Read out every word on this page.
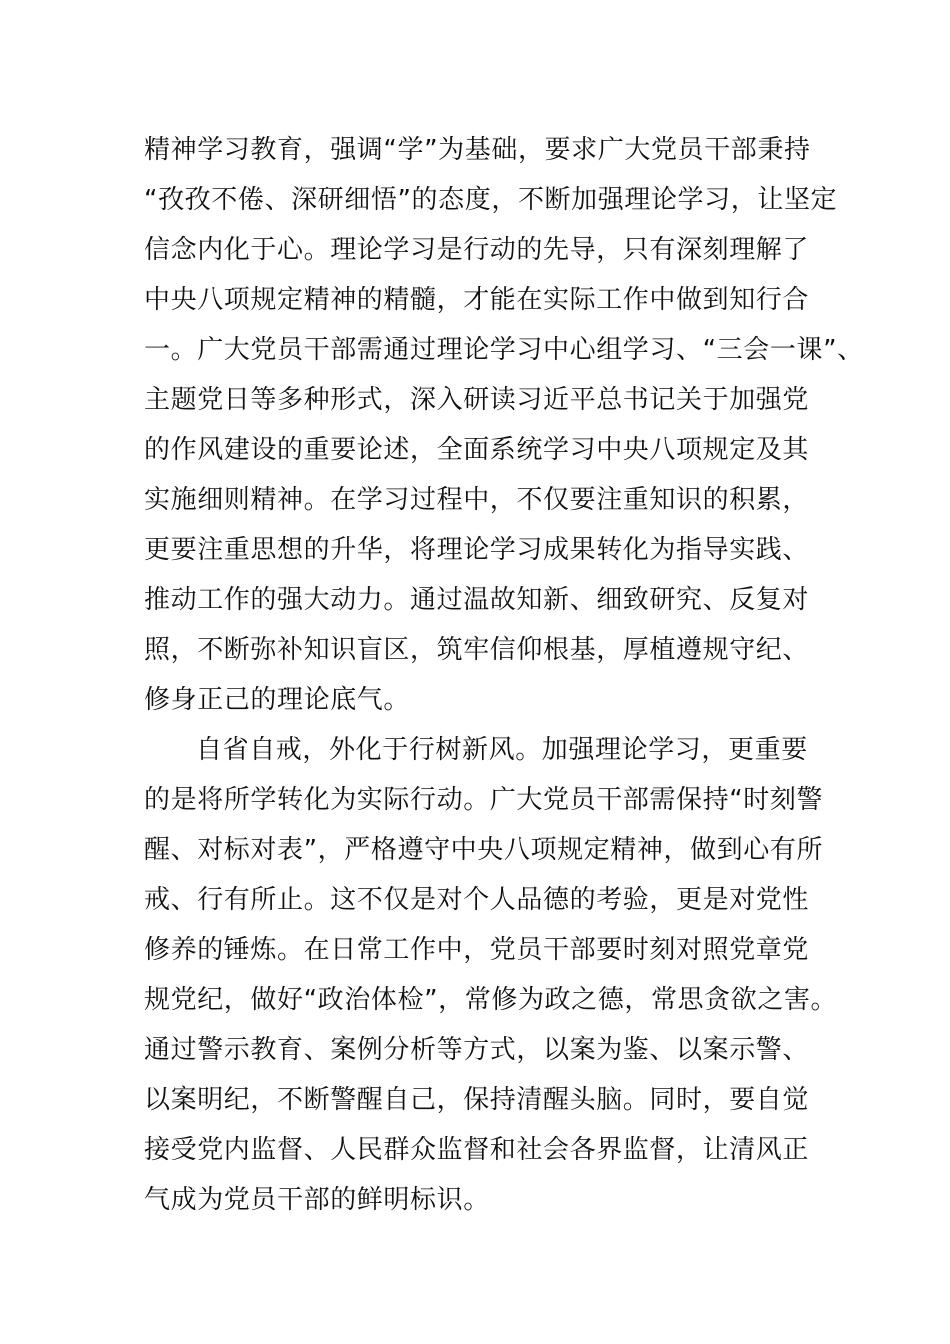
精神学习教育，强调“学”为基础，要求广大党员干部秉持
“孜孜不倦、深研细悟”的态度，不断加强理论学习，让坚定
信念内化于心。理论学习是行动的先导，只有深刻理解了
中央八项规定精神的精髓，才能在实际工作中做到知行合
一。广大党员干部需通过理论学习中心组学习、“三会一课”、
主题党日等多种形式，深入研读习近平总书记关于加强党
的作风建设的重要论述，全面系统学习中央八项规定及其
实施细则精神。在学习过程中，不仅要注重知识的积累，
更要注重思想的升华，将理论学习成果转化为指导实践、
推动工作的强大动力。通过温故知新、细致研究、反复对
照，不断弥补知识盲区，筑牢信仰根基，厚植遵规守纪、
修身正己的理论底气。
自省自戒，外化于行树新风。加强理论学习，更重要
的是将所学转化为实际行动。广大党员干部需保持“时刻警
醒、对标对表”，严格遵守中央八项规定精神，做到心有所
戒、行有所止。这不仅是对个人品德的考验，更是对党性
修养的锤炼。在日常工作中，党员干部要时刻对照党章党
规党纪，做好“政治体检”，常修为政之德，常思贪欲之害。
通过警示教育、案例分析等方式，以案为鉴、以案示警、
以案明纪，不断警醒自己，保持清醒头脑。同时，要自觉
接受党内监督、人民群众监督和社会各界监督，让清风正
气成为党员干部的鲜明标识。
